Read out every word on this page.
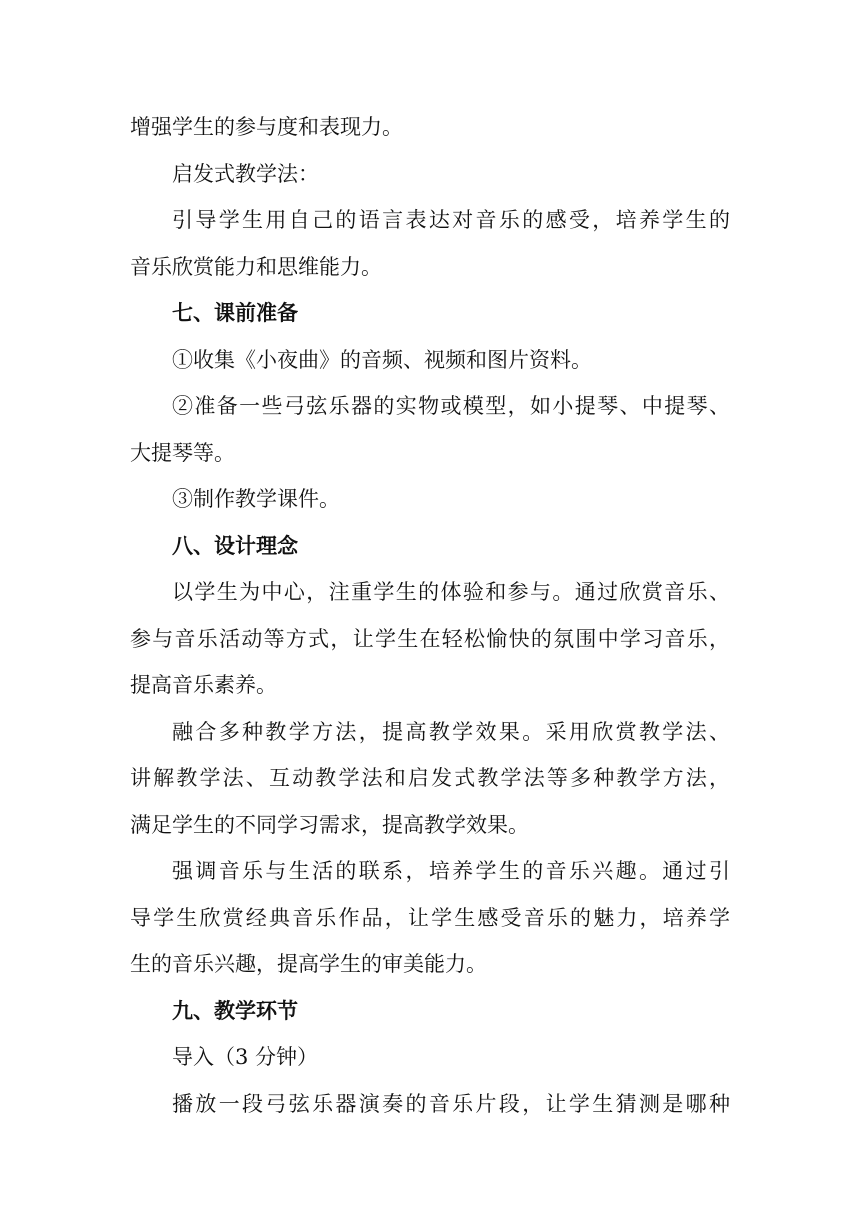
增强学生的参与度和表现力。

启发式教学法：

引导学生用自己的语言表达对音乐的感受，培养学生的

音乐欣赏能力和思维能力。

七、课前准备

①收集《小夜曲》的音频、视频和图片资料。

②准备一些弓弦乐器的实物或模型，如小提琴、中提琴、

大提琴等。

③制作教学课件。

八、设计理念

以学生为中心，注重学生的体验和参与。通过欣赏音乐、

参与音乐活动等方式，让学生在轻松愉快的氛围中学习音乐，

提高音乐素养。

融合多种教学方法，提高教学效果。采用欣赏教学法、

讲解教学法、互动教学法和启发式教学法等多种教学方法，

满足学生的不同学习需求，提高教学效果。

强调音乐与生活的联系，培养学生的音乐兴趣。通过引

导学生欣赏经典音乐作品，让学生感受音乐的魅力，培养学

生的音乐兴趣，提高学生的审美能力。

九、教学环节

导入（3 分钟）

播放一段弓弦乐器演奏的音乐片段，让学生猜测是哪种
